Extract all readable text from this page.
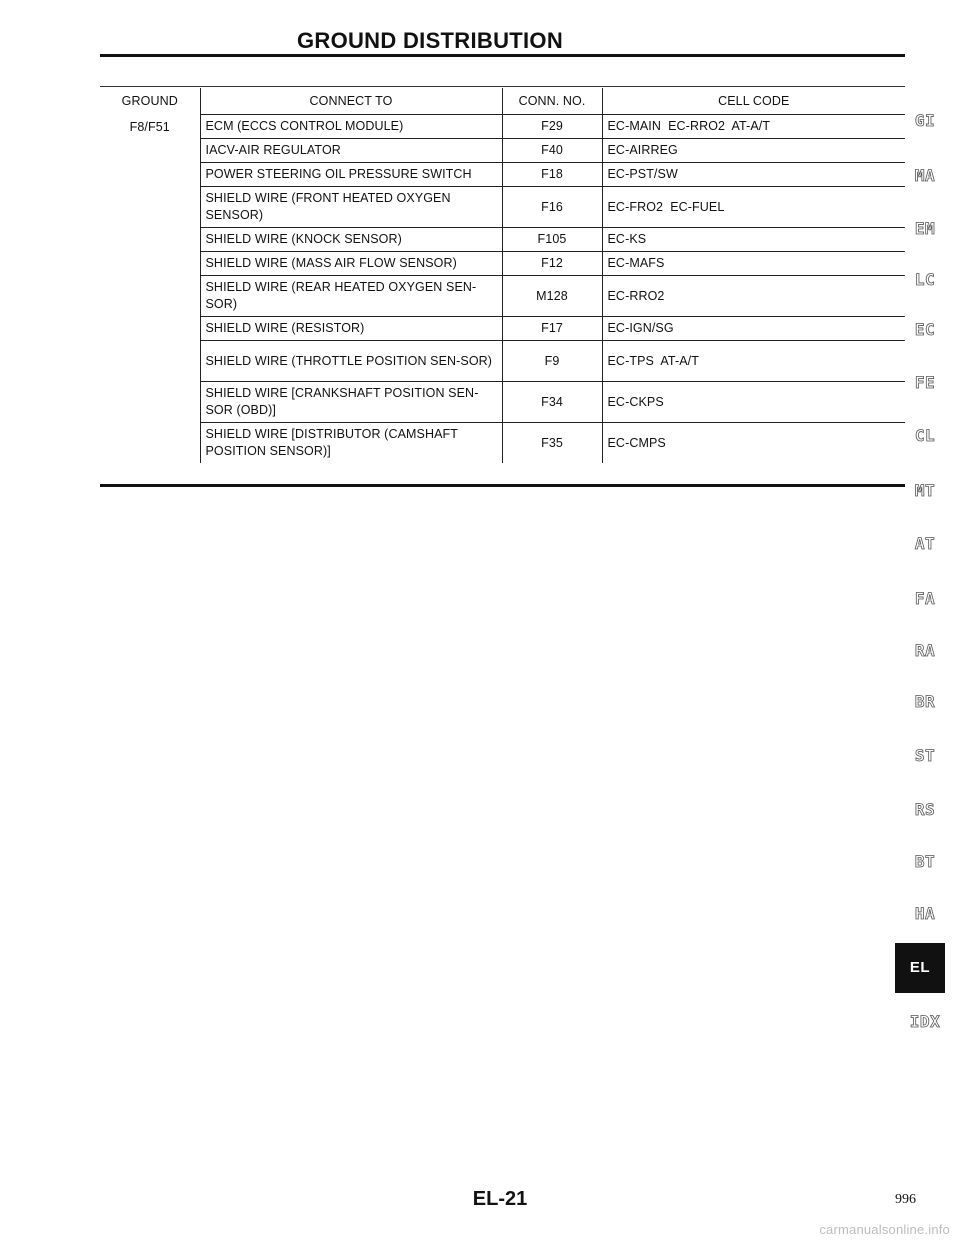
GROUND DISTRIBUTION
GROUND	CONNECT TO	CONN. NO.	CELL CODE
F8/F51	ECM (ECCS CONTROL MODULE)	F29	EC-MAIN  EC-RRO2  AT-A/T
	IACV-AIR REGULATOR	F40	EC-AIRREG
	POWER STEERING OIL PRESSURE SWITCH	F18	EC-PST/SW
	SHIELD WIRE (FRONT HEATED OXYGEN SENSOR)	F16	EC-FRO2  EC-FUEL
	SHIELD WIRE (KNOCK SENSOR)	F105	EC-KS
	SHIELD WIRE (MASS AIR FLOW SENSOR)	F12	EC-MAFS
	SHIELD WIRE (REAR HEATED OXYGEN SEN-SOR)	M128	EC-RRO2
	SHIELD WIRE (RESISTOR)	F17	EC-IGN/SG
	SHIELD WIRE (THROTTLE POSITION SEN-SOR)	F9	EC-TPS  AT-A/T
	SHIELD WIRE [CRANKSHAFT POSITION SEN-SOR (OBD)]	F34	EC-CKPS
	SHIELD WIRE [DISTRIBUTOR (CAMSHAFT POSITION SENSOR)]	F35	EC-CMPS
GI
MA
EM
LC
EC
FE
CL
MT
AT
FA
RA
BR
ST
RS
BT
HA
EL
IDX
EL-21	996
carmanualsonline.info
